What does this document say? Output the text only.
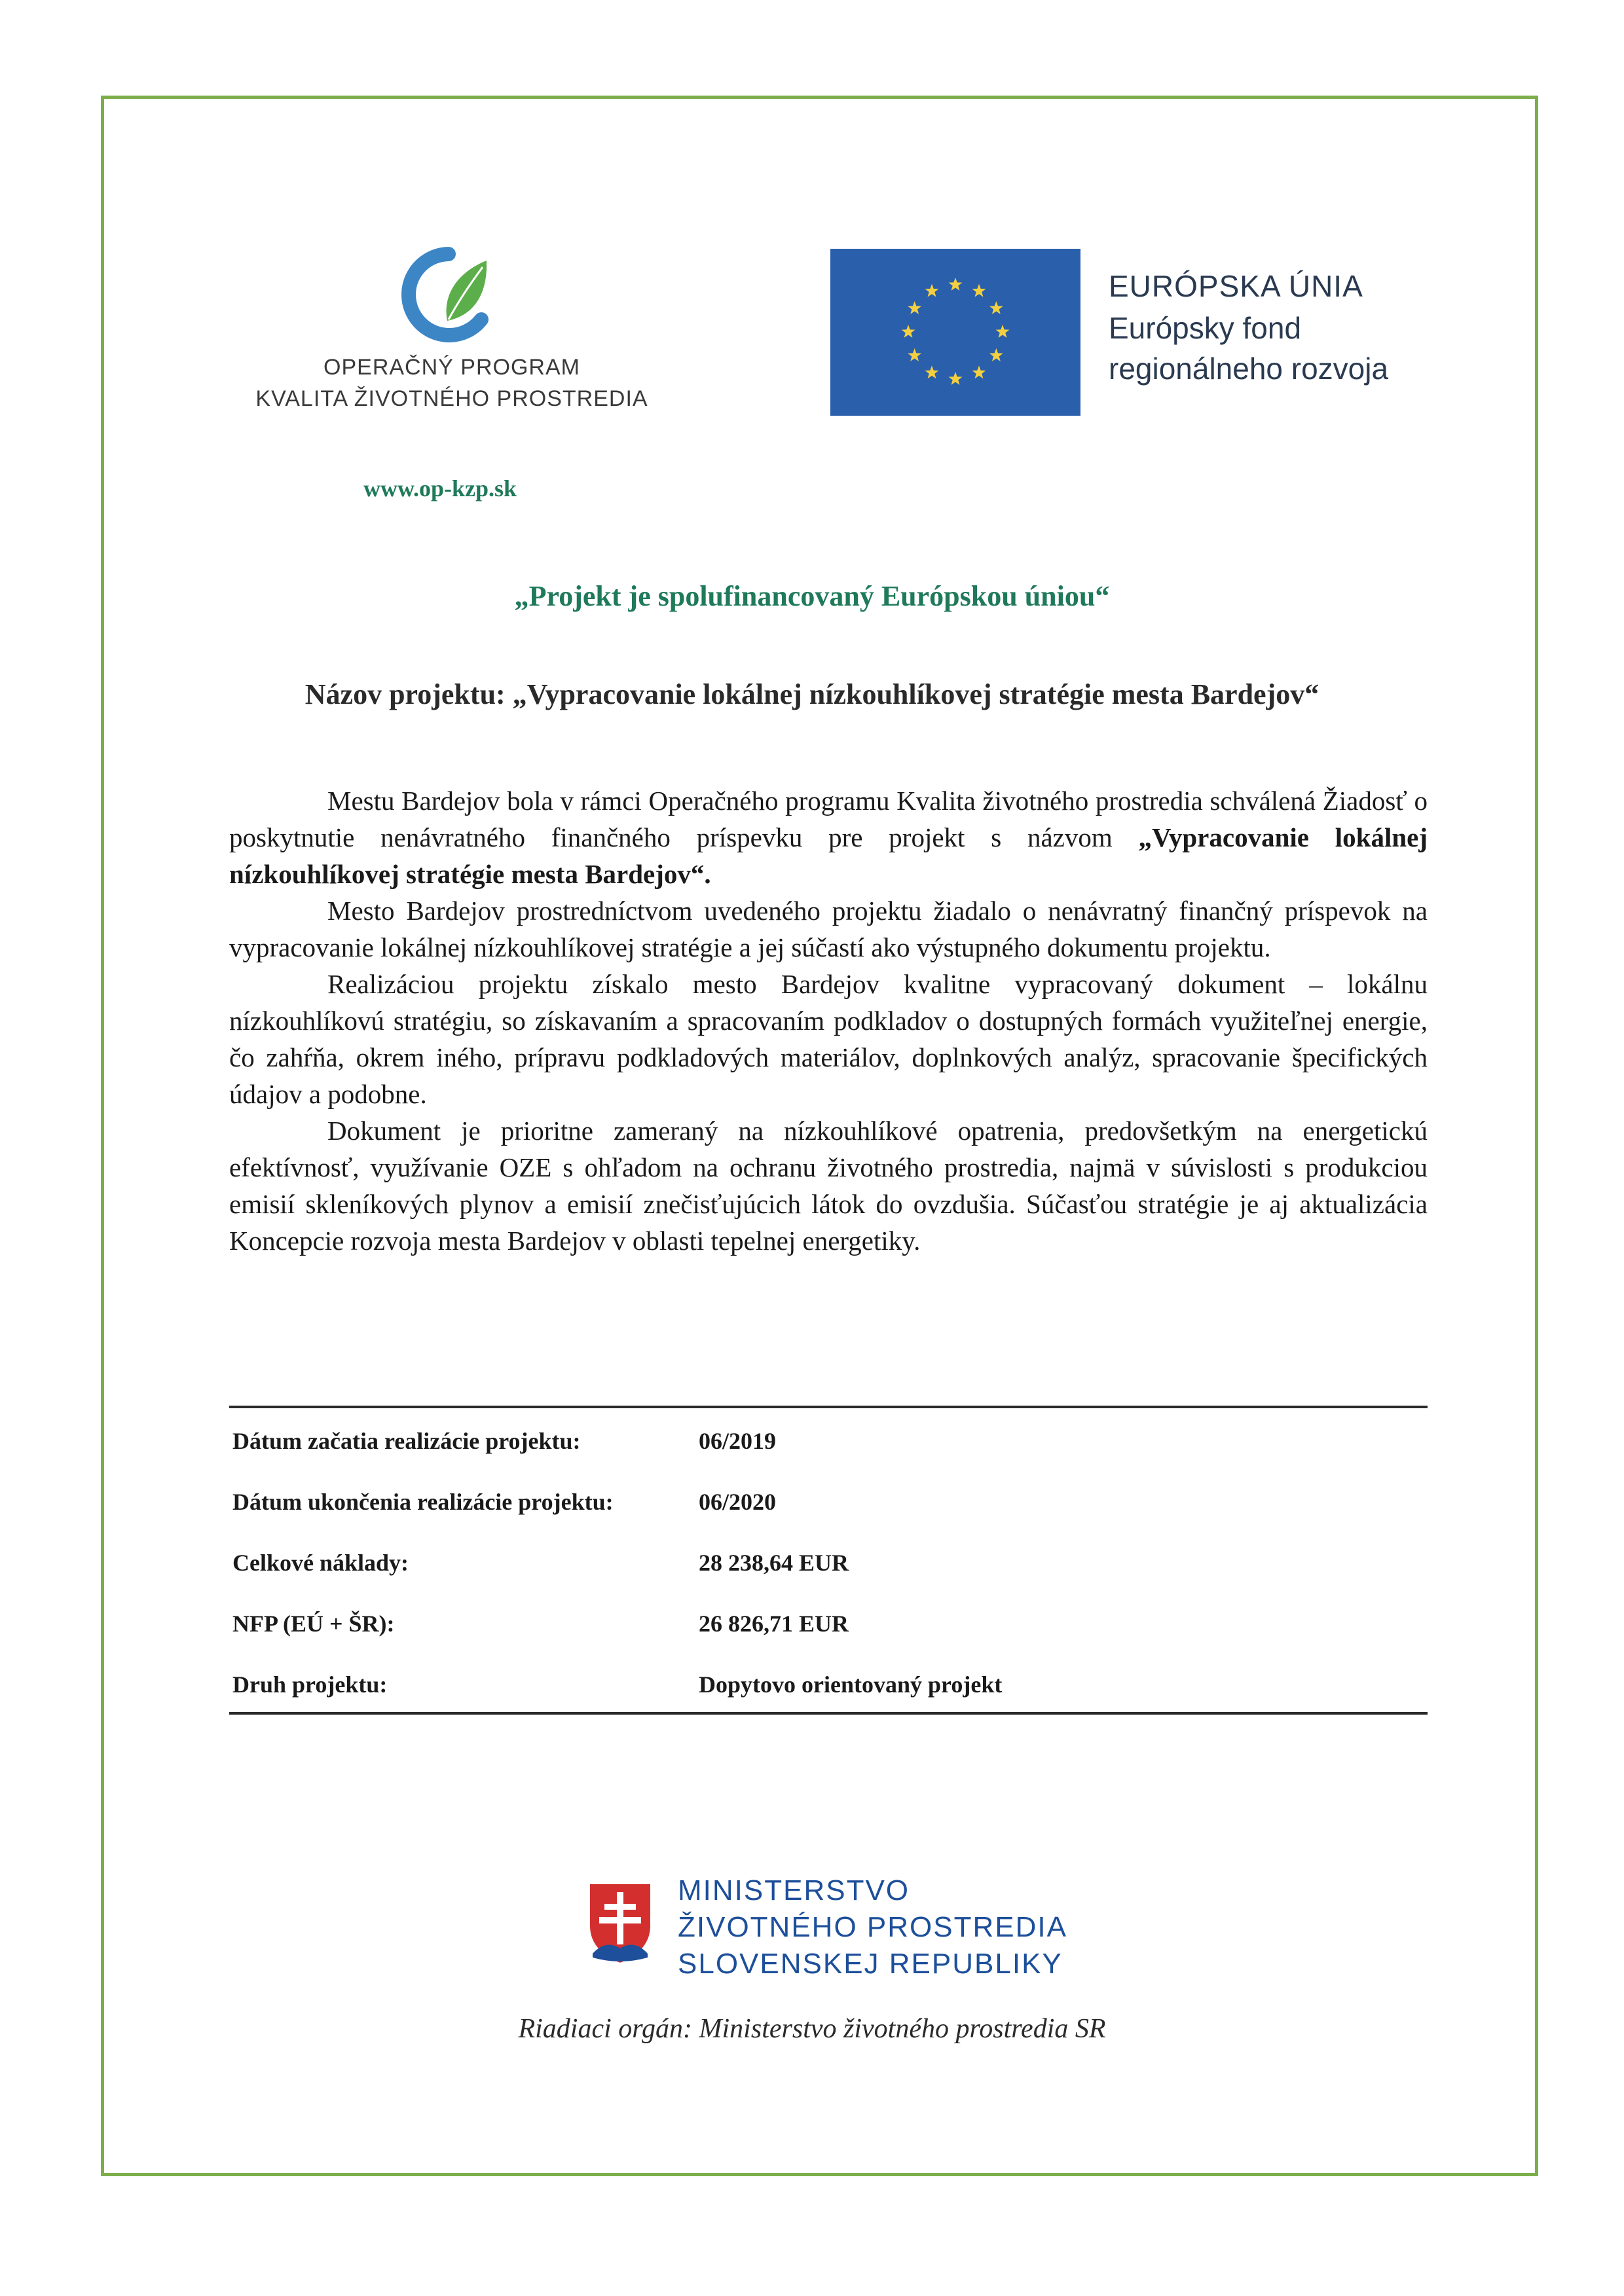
OPERAČNÝ PROGRAM
KVALITA ŽIVOTNÉHO PROSTREDIA
www.op-kzp.sk
EURÓPSKA ÚNIA
Európsky fond
regionálneho rozvoja
„Projekt je spolufinancovaný Európskou úniou“
Názov projektu: „Vypracovanie lokálnej nízkouhlíkovej stratégie mesta Bardejov“

Mestu Bardejov bola v rámci Operačného programu Kvalita životného prostredia schválená Žiadosť o poskytnutie nenávratného finančného príspevku pre projekt s názvom „Vypracovanie lokálnej nízkouhlíkovej stratégie mesta Bardejov“.

Mesto Bardejov prostredníctvom uvedeného projektu žiadalo o nenávratný finančný príspevok na vypracovanie lokálnej nízkouhlíkovej stratégie a jej súčastí ako výstupného dokumentu projektu.

Realizáciou projektu získalo mesto Bardejov kvalitne vypracovaný dokument – lokálnu nízkouhlíkovú stratégiu, so získavaním a spracovaním podkladov o dostupných formách využiteľnej energie, čo zahŕňa, okrem iného, prípravu podkladových materiálov, doplnkových analýz, spracovanie špecifických údajov a podobne.

Dokument je prioritne zameraný na nízkouhlíkové opatrenia, predovšetkým na energetickú efektívnosť, využívanie OZE s ohľadom na ochranu životného prostredia, najmä v súvislosti s produkciou emisií skleníkových plynov a emisií znečisťujúcich látok do ovzdušia. Súčasťou stratégie je aj aktualizácia Koncepcie rozvoja mesta Bardejov v oblasti tepelnej energetiky.

Dátum začatia realizácie projektu:	06/2019
Dátum ukončenia realizácie projektu:	06/2020
Celkové náklady:	28 238,64 EUR
NFP (EÚ + ŠR):	26 826,71 EUR
Druh projektu:	Dopytovo orientovaný projekt
MINISTERSTVO
ŽIVOTNÉHO PROSTREDIA
SLOVENSKEJ REPUBLIKY
Riadiaci orgán: Ministerstvo životného prostredia SR
